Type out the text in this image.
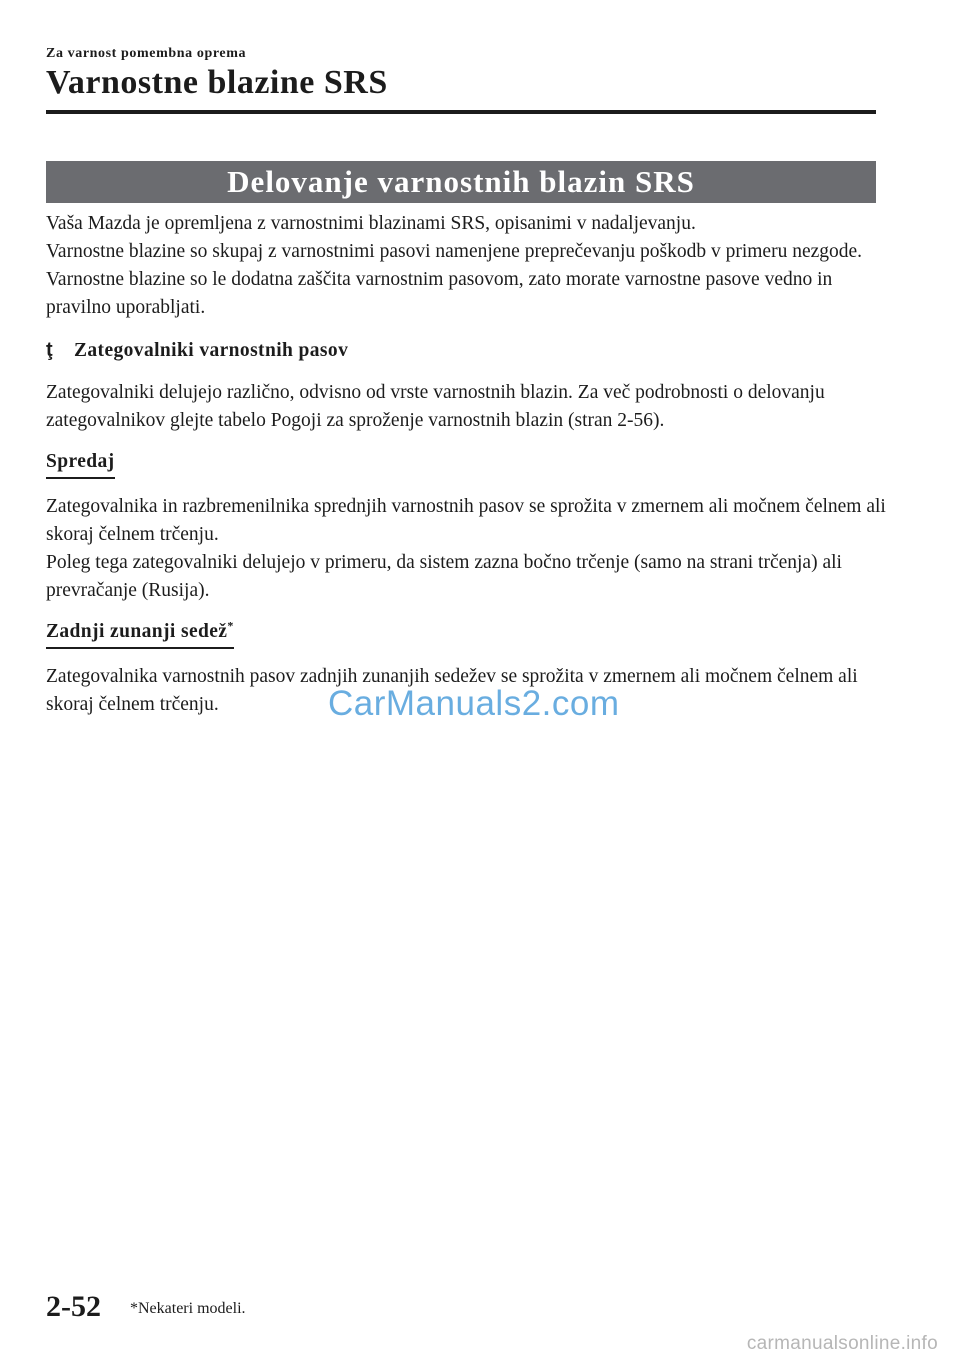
Za varnost pomembna oprema
Varnostne blazine SRS
Delovanje varnostnih blazin SRS

Vaša Mazda je opremljena z varnostnimi blazinami SRS, opisanimi v nadaljevanju.

Varnostne blazine so skupaj z varnostnimi pasovi namenjene preprečevanju poškodb v primeru nezgode.

Varnostne blazine so le dodatna zaščita varnostnim pasovom, zato morate varnostne pasove vedno in pravilno uporabljati.

ţ	Zategovalniki varnostnih pasov

Zategovalniki delujejo različno, odvisno od vrste varnostnih blazin. Za več podrobnosti o delovanju zategovalnikov glejte tabelo Pogoji za sproženje varnostnih blazin (stran 2-56).

Spredaj

Zategovalnika in razbremenilnika sprednjih varnostnih pasov se sprožita v zmernem ali močnem čelnem ali skoraj čelnem trčenju.

Poleg tega zategovalniki delujejo v primeru, da sistem zazna bočno trčenje (samo na strani trčenja) ali prevračanje (Rusija).

Zadnji zunanji sedež*

Zategovalnika varnostnih pasov zadnjih zunanjih sedežev se sprožita v zmernem ali močnem čelnem ali skoraj čelnem trčenju.	CarManuals2.com
2-52 *Nekateri modeli.
carmanualsonline.info
